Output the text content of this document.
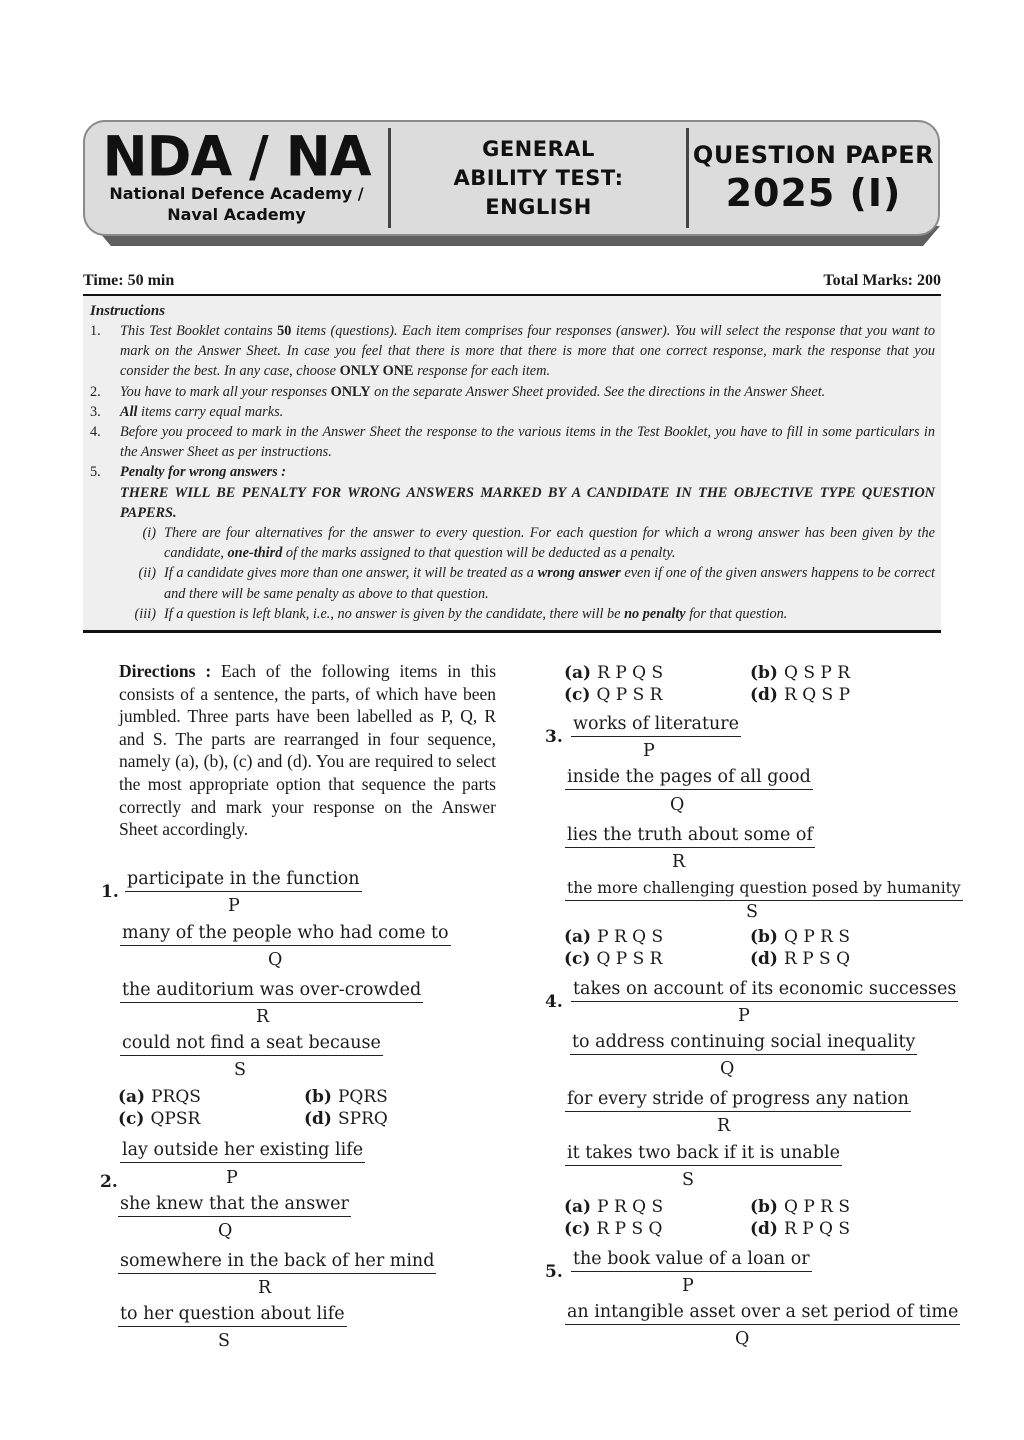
NDA / NA
National Defence Academy /
Naval Academy
GENERAL
ABILITY TEST:
ENGLISH
QUESTION PAPER
2025 (I)
Time: 50 min	Total Marks: 200
Instructions
1.	This Test Booklet contains 50 items (questions). Each item comprises four responses (answer). You will select the response that you want to mark on the Answer Sheet. In case you feel that there is more that there is more that one correct response, mark the response that you consider the best. In any case, choose ONLY ONE response for each item.
2.	You have to mark all your responses ONLY on the separate Answer Sheet provided. See the directions in the Answer Sheet.
3.	All items carry equal marks.
4.	Before you proceed to mark in the Answer Sheet the response to the various items in the Test Booklet, you have to fill in some particulars in the Answer Sheet as per instructions.
5.	Penalty for wrong answers :
THERE WILL BE PENALTY FOR WRONG ANSWERS MARKED BY A CANDIDATE IN THE OBJECTIVE TYPE QUESTION PAPERS.
(i) There are four alternatives for the answer to every question. For each question for which a wrong answer has been given by the candidate, one-third of the marks assigned to that question will be deducted as a penalty.
(ii) If a candidate gives more than one answer, it will be treated as a wrong answer even if one of the given answers happens to be correct and there will be same penalty as above to that question.
(iii) If a question is left blank, i.e., no answer is given by the candidate, there will be no penalty for that question.
Directions : Each of the following items in this consists of a sentence, the parts, of which have been jumbled. Three parts have been labelled as P, Q, R and S. The parts are rearranged in four sequence, namely (a), (b), (c) and (d). You are required to select the most appropriate option that sequence the parts correctly and mark your response on the Answer Sheet accordingly.
1.
participate in the function
P
many of the people who had come to
Q
the auditorium was over-crowded
R
could not find a seat because
S
(a) PRQS	(b) PQRS
(c) QPSR	(d) SPRQ
2.
lay outside her existing life
P
she knew that the answer
Q
somewhere in the back of her mind
R
to her question about life
S
(a) R P Q S	(b) Q S P R
(c) Q P S R	(d) R Q S P
3.
works of literature
P
inside the pages of all good
Q
lies the truth about some of
R
the more challenging question posed by humanity
S
(a) P R Q S	(b) Q P R S
(c) Q P S R	(d) R P S Q
4.
takes on account of its economic successes
P
to address continuing social inequality
Q
for every stride of progress any nation
R
it takes two back if it is unable
S
(a) P R Q S	(b) Q P R S
(c) R P S Q	(d) R P Q S
5.
the book value of a loan or
P
an intangible asset over a set period of time
Q
